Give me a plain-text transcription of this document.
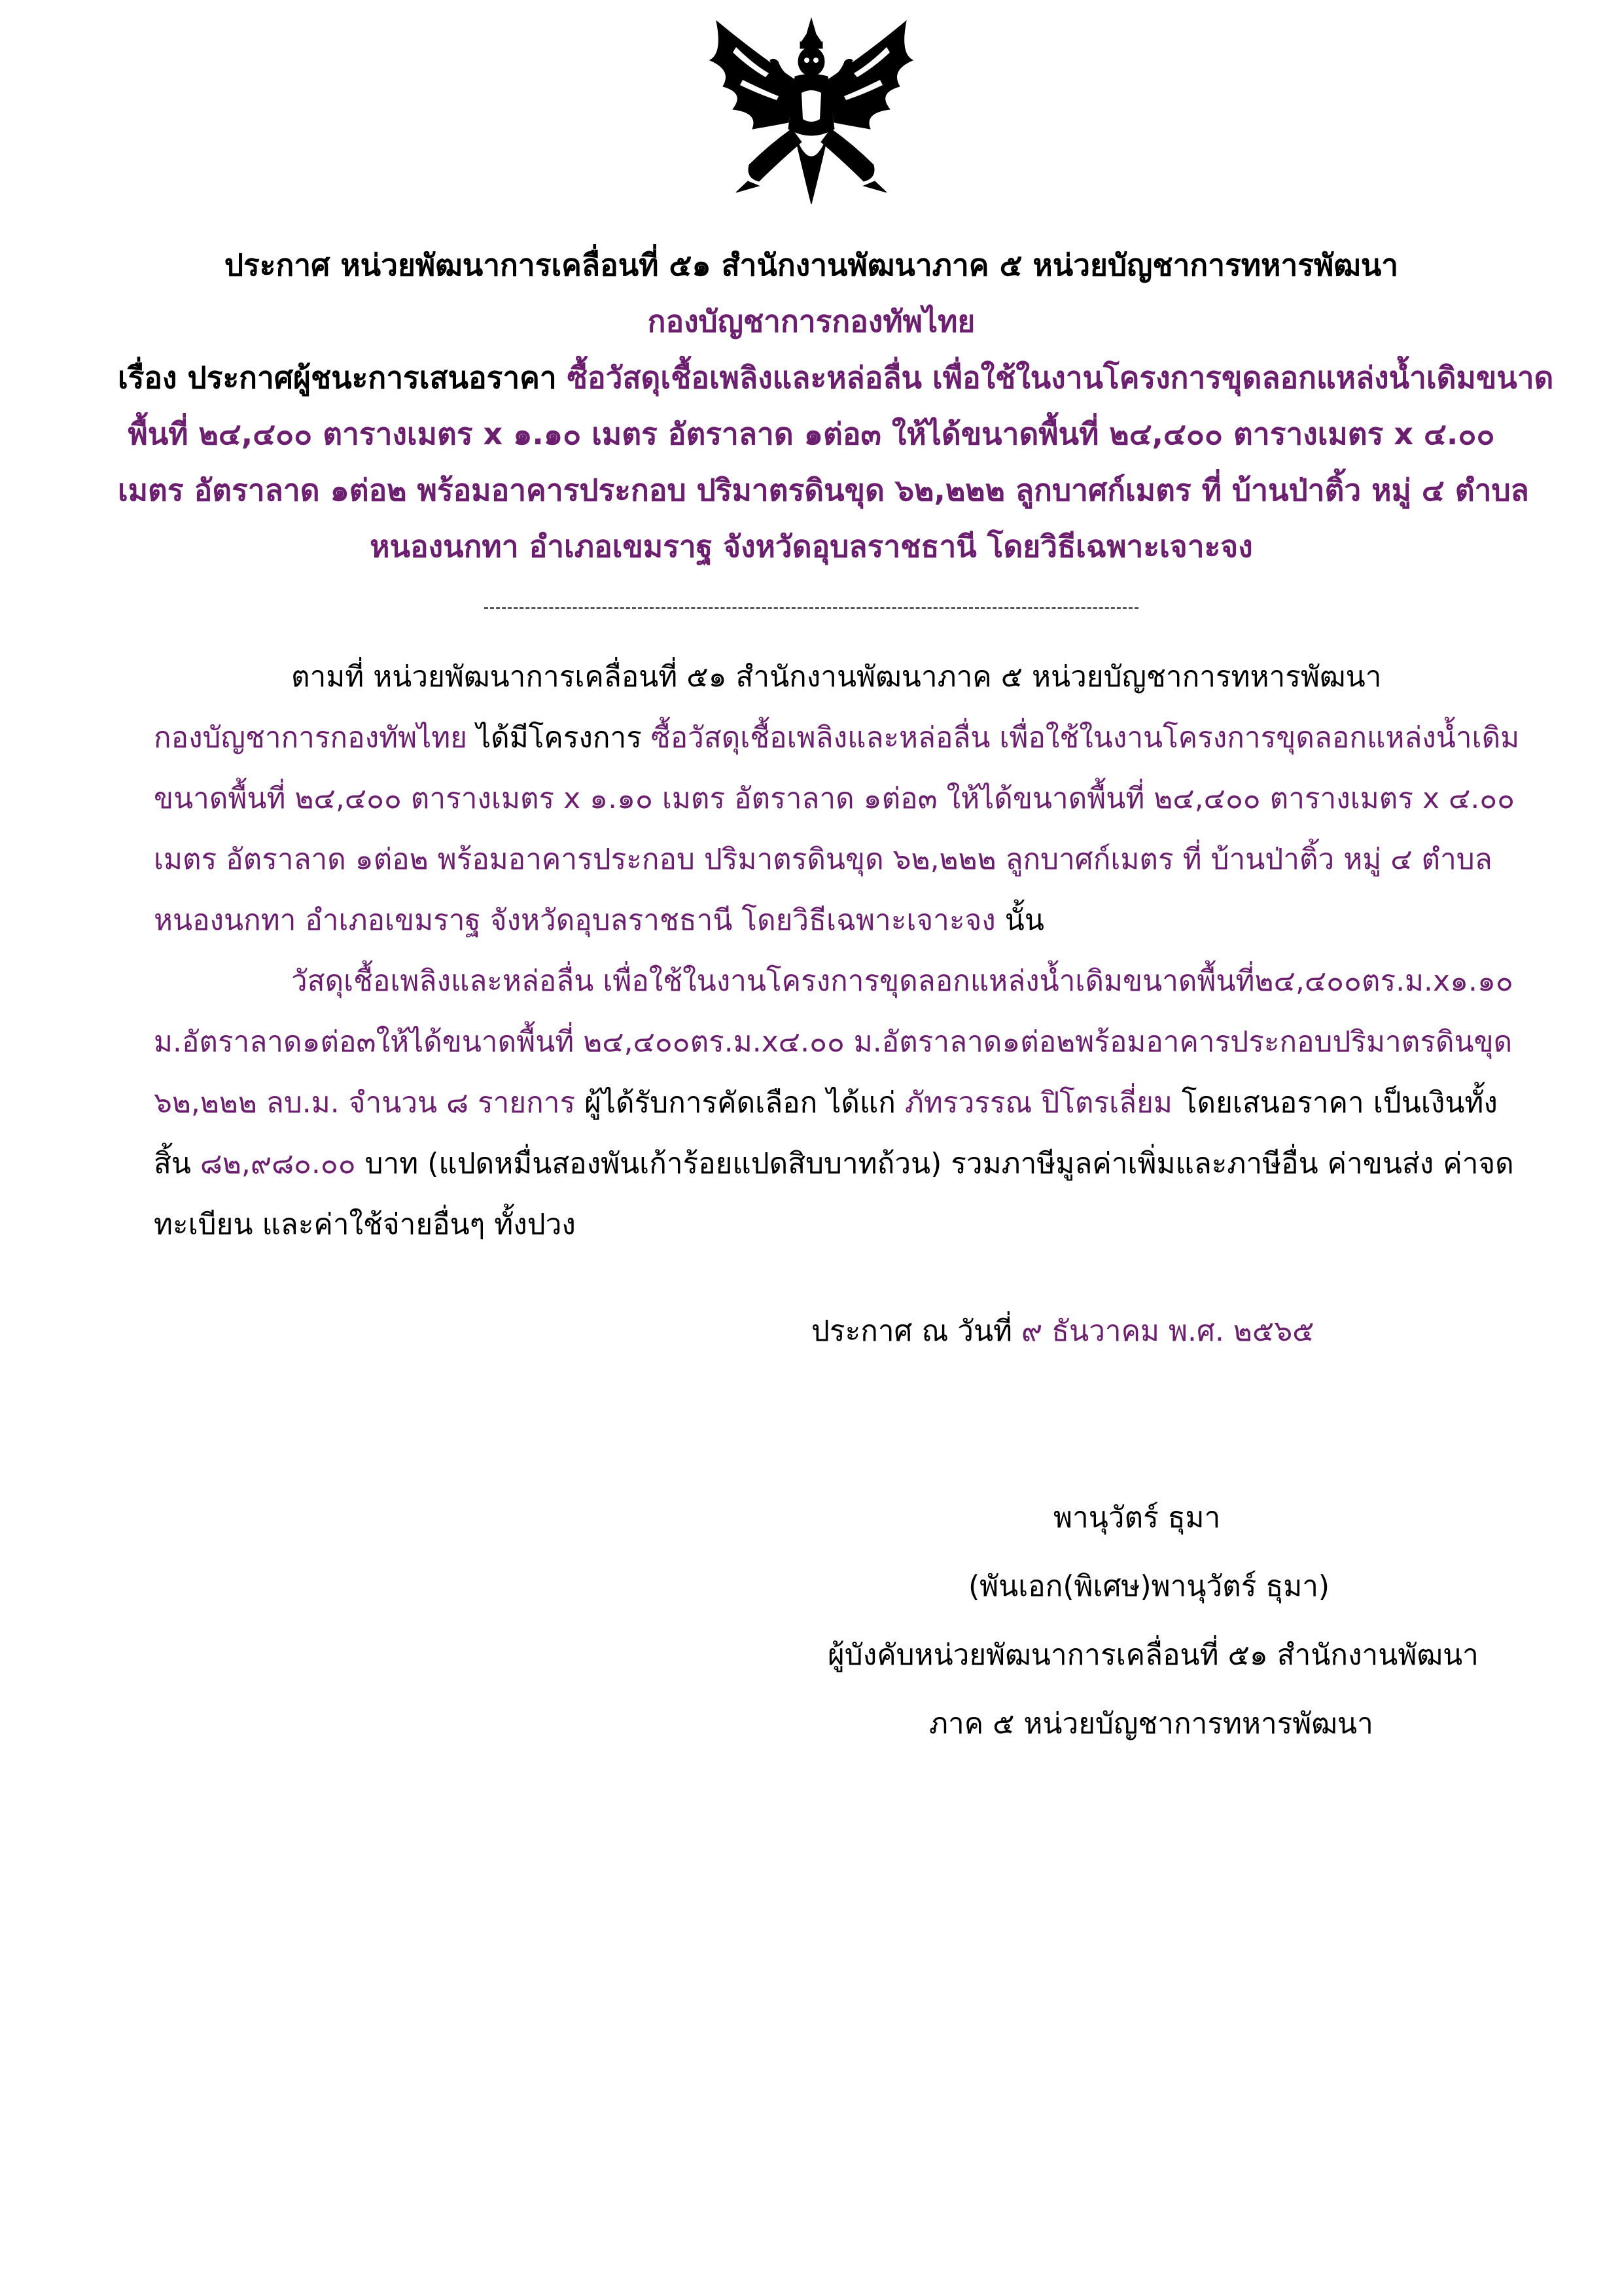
ประกาศ หน่วยพัฒนาการเคลื่อนที่ ๕๑ สำนักงานพัฒนาภาค ๕ หน่วยบัญชาการทหารพัฒนา
กองบัญชาการกองทัพไทย
เรื่อง ประกาศผู้ชนะการเสนอราคา ซื้อวัสดุเชื้อเพลิงและหล่อลื่น เพื่อใช้ในงานโครงการขุดลอกแหล่งน้ำเดิมขนาด
พื้นที่ ๒๔,๔๐๐ ตารางเมตร x ๑.๑๐ เมตร อัตราลาด ๑ต่อ๓ ให้ได้ขนาดพื้นที่ ๒๔,๔๐๐ ตารางเมตร x ๔.๐๐
เมตร อัตราลาด ๑ต่อ๒ พร้อมอาคารประกอบ ปริมาตรดินขุด ๖๒,๒๒๒ ลูกบาศก์เมตร ที่ บ้านป่าติ้ว หมู่ ๔ ตำบล
หนองนกทา อำเภอเขมราฐ จังหวัดอุบลราชธานี โดยวิธีเฉพาะเจาะจง
ตามที่ หน่วยพัฒนาการเคลื่อนที่ ๕๑ สำนักงานพัฒนาภาค ๕ หน่วยบัญชาการทหารพัฒนา
กองบัญชาการกองทัพไทย ได้มีโครงการ ซื้อวัสดุเชื้อเพลิงและหล่อลื่น เพื่อใช้ในงานโครงการขุดลอกแหล่งน้ำเดิม
ขนาดพื้นที่ ๒๔,๔๐๐ ตารางเมตร x ๑.๑๐ เมตร อัตราลาด ๑ต่อ๓ ให้ได้ขนาดพื้นที่ ๒๔,๔๐๐ ตารางเมตร x ๔.๐๐
เมตร อัตราลาด ๑ต่อ๒ พร้อมอาคารประกอบ ปริมาตรดินขุด ๖๒,๒๒๒ ลูกบาศก์เมตร ที่ บ้านป่าติ้ว หมู่ ๔ ตำบล
หนองนกทา อำเภอเขมราฐ จังหวัดอุบลราชธานี โดยวิธีเฉพาะเจาะจง นั้น
วัสดุเชื้อเพลิงและหล่อลื่น เพื่อใช้ในงานโครงการขุดลอกแหล่งน้ำเดิมขนาดพื้นที่๒๔,๔๐๐ตร.ม.x๑.๑๐
ม.อัตราลาด๑ต่อ๓ให้ได้ขนาดพื้นที่ ๒๔,๔๐๐ตร.ม.x๔.๐๐ ม.อัตราลาด๑ต่อ๒พร้อมอาคารประกอบปริมาตรดินขุด
๖๒,๒๒๒ ลบ.ม. จำนวน ๘ รายการ ผู้ได้รับการคัดเลือก ได้แก่ ภัทรวรรณ ปิโตรเลี่ยม โดยเสนอราคา เป็นเงินทั้ง
สิ้น ๘๒,๙๘๐.๐๐ บาท (แปดหมื่นสองพันเก้าร้อยแปดสิบบาทถ้วน) รวมภาษีมูลค่าเพิ่มและภาษีอื่น ค่าขนส่ง ค่าจด
ทะเบียน และค่าใช้จ่ายอื่นๆ ทั้งปวง
ประกาศ ณ วันที่ ๙ ธันวาคม พ.ศ. ๒๕๖๕
พานุวัตร์ ธุมา
(พันเอก(พิเศษ)พานุวัตร์ ธุมา)
ผู้บังคับหน่วยพัฒนาการเคลื่อนที่ ๕๑ สำนักงานพัฒนา
ภาค ๕ หน่วยบัญชาการทหารพัฒนา
